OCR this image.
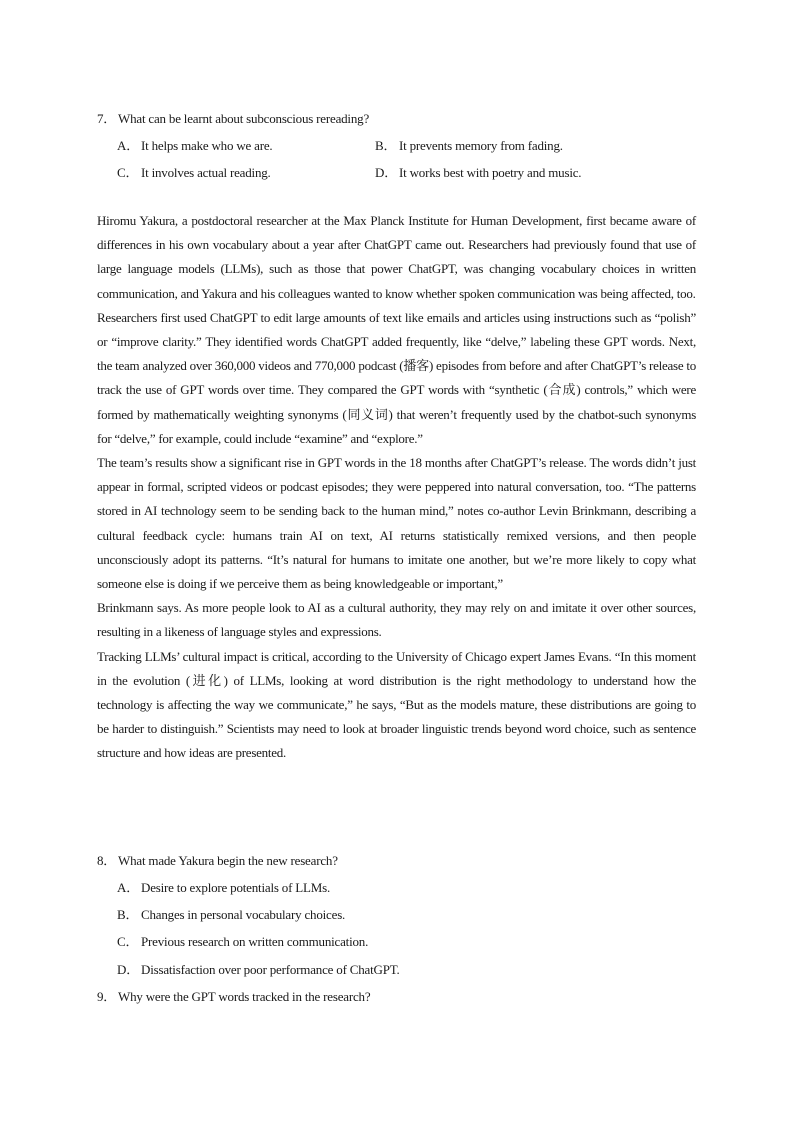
7． What can be learnt about subconscious rereading?
A． It helps make who we are.	B． It prevents memory from fading.
C． It involves actual reading.	D． It works best with poetry and music.

Hiromu Yakura, a postdoctoral researcher at the Max Planck Institute for Human Development, first became aware of differences in his own vocabulary about a year after ChatGPT came out. Researchers had previously found that use of large language models (LLMs), such as those that power ChatGPT, was changing vocabulary choices in written communication, and Yakura and his colleagues wanted to know whether spoken communication was being affected, too.

Researchers first used ChatGPT to edit large amounts of text like emails and articles using instructions such as “polish” or “improve clarity.” They identified words ChatGPT added frequently, like “delve,” labeling these GPT words. Next, the team analyzed over 360,000 videos and 770,000 podcast (播客) episodes from before and after ChatGPT’s release to track the use of GPT words over time. They compared the GPT words with “synthetic (合成) controls,” which were formed by mathematically weighting synonyms (同义词) that weren’t frequently used by the chatbot-such synonyms for “delve,” for example, could include “examine” and “explore.”

The team’s results show a significant rise in GPT words in the 18 months after ChatGPT’s release. The words didn’t just appear in formal, scripted videos or podcast episodes; they were peppered into natural conversation, too. “The patterns stored in AI technology seem to be sending back to the human mind,” notes co-author Levin Brinkmann, describing a cultural feedback cycle: humans train AI on text, AI returns statistically remixed versions, and then people unconsciously adopt its patterns. “It’s natural for humans to imitate one another, but we’re more likely to copy what someone else is doing if we perceive them as being knowledgeable or important,”

Brinkmann says. As more people look to AI as a cultural authority, they may rely on and imitate it over other sources, resulting in a likeness of language styles and expressions.

Tracking LLMs’ cultural impact is critical, according to the University of Chicago expert James Evans. “In this moment in the evolution (进化) of LLMs, looking at word distribution is the right methodology to understand how the technology is affecting the way we communicate,” he says, “But as the models mature, these distributions are going to be harder to distinguish.” Scientists may need to look at broader linguistic trends beyond word choice, such as sentence structure and how ideas are presented.

8． What made Yakura begin the new research?
A． Desire to explore potentials of LLMs.
B． Changes in personal vocabulary choices.
C． Previous research on written communication.
D． Dissatisfaction over poor performance of ChatGPT.
9． Why were the GPT words tracked in the research?
